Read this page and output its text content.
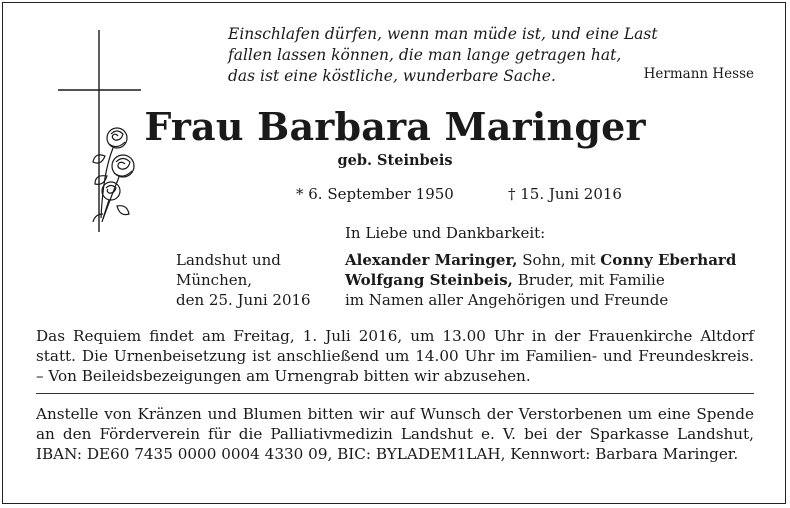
Einschlafen dürfen, wenn man müde ist, und eine Last
fallen lassen können, die man lange getragen hat,
das ist eine köstliche, wunderbare Sache.	Hermann Hesse
Frau Barbara Maringer
geb. Steinbeis
* 6. September 1950	† 15. Juni 2016
In Liebe und Dankbarkeit:
Landshut und
München,
den 25. Juni 2016
Alexander Maringer, Sohn, mit Conny Eberhard
Wolfgang Steinbeis, Bruder, mit Familie
im Namen aller Angehörigen und Freunde
Das Requiem findet am Freitag, 1. Juli 2016, um 13.00 Uhr in der Frauenkirche Altdorf statt. Die Urnenbeisetzung ist anschließend um 14.00 Uhr im Familien- und Freundeskreis. – Von Beileidsbezeigungen am Urnengrab bitten wir abzusehen.
Anstelle von Kränzen und Blumen bitten wir auf Wunsch der Verstorbenen um eine Spende an den Förderverein für die Palliativmedizin Landshut e. V. bei der Sparkasse Landshut, IBAN: DE60 7435 0000 0004 4330 09, BIC: BYLADEM1LAH, Kennwort: Barbara Maringer.
